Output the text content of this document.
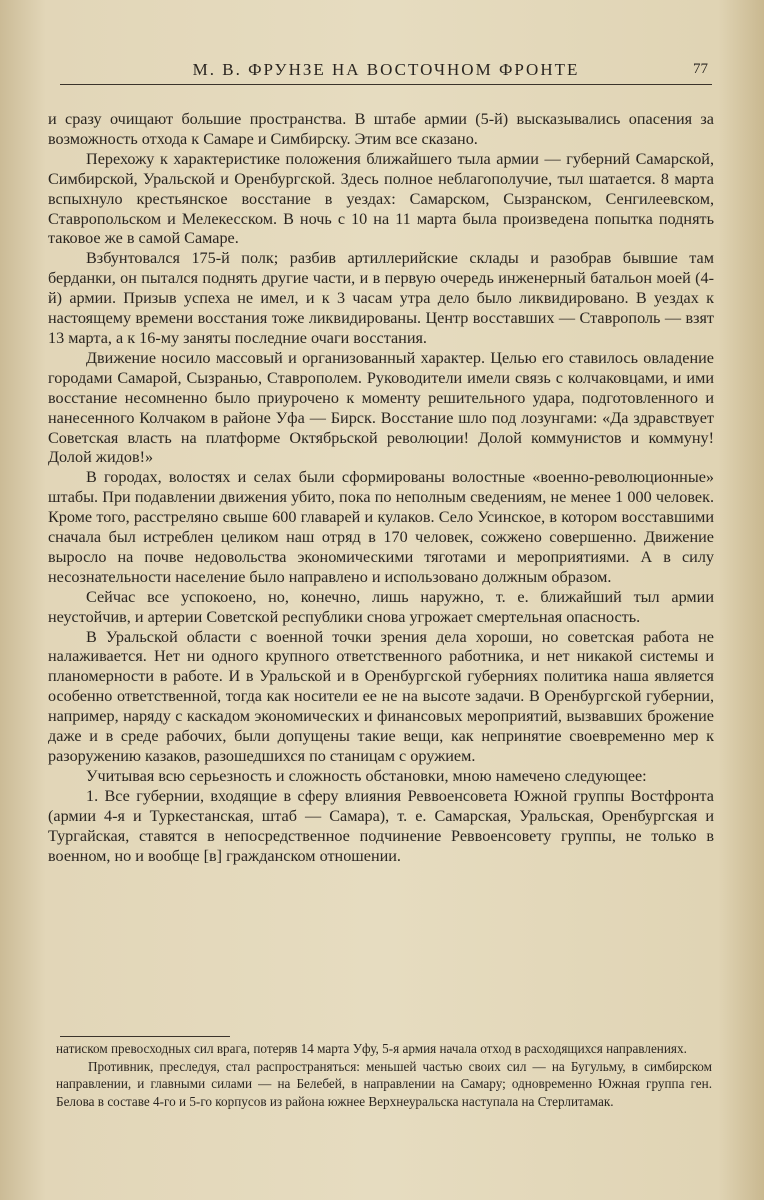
М. В. ФРУНЗЕ НА ВОСТОЧНОМ ФРОНТЕ	77

и сразу очищают большие пространства. В штабе армии (5-й) высказывались опасения за возможность отхода к Самаре и Симбирску. Этим все сказано.

Перехожу к характеристике положения ближайшего тыла армии — губерний Самарской, Симбирской, Уральской и Оренбургской. Здесь полное неблагополучие, тыл шатается. 8 марта вспыхнуло крестьянское восстание в уездах: Самарском, Сызранском, Сенгилеевском, Ставропольском и Мелекесском. В ночь с 10 на 11 марта была произведена попытка поднять таковое же в самой Самаре.

Взбунтовался 175-й полк; разбив артиллерийские склады и разобрав бывшие там берданки, он пытался поднять другие части, и в первую очередь инженерный батальон моей (4-й) армии. Призыв успеха не имел, и к 3 часам утра дело было ликвидировано. В уездах к настоящему времени восстания тоже ликвидированы. Центр восставших — Ставрополь — взят 13 марта, а к 16-му заняты последние очаги восстания.

Движение носило массовый и организованный характер. Целью его ставилось овладение городами Самарой, Сызранью, Ставрополем. Руководители имели связь с колчаковцами, и ими восстание несомненно было приурочено к моменту решительного удара, подготовленного и нанесенного Колчаком в районе Уфа — Бирск. Восстание шло под лозунгами: «Да здравствует Советская власть на платформе Октябрьской революции! Долой коммунистов и коммуну! Долой жидов!»

В городах, волостях и селах были сформированы волостные «военно-революционные» штабы. При подавлении движения убито, пока по неполным сведениям, не менее 1 000 человек. Кроме того, расстреляно свыше 600 главарей и кулаков. Село Усинское, в котором восставшими сначала был истреблен целиком наш отряд в 170 человек, сожжено совершенно. Движение выросло на почве недовольства экономическими тяготами и мероприятиями. А в силу несознательности население было направлено и использовано должным образом.

Сейчас все успокоено, но, конечно, лишь наружно, т. е. ближайший тыл армии неустойчив, и артерии Советской республики снова угрожает смертельная опасность.

В Уральской области с военной точки зрения дела хороши, но советская работа не налаживается. Нет ни одного крупного ответственного работника, и нет никакой системы и планомерности в работе. И в Уральской и в Оренбургской губерниях политика наша является особенно ответственной, тогда как носители ее не на высоте задачи. В Оренбургской губернии, например, наряду с каскадом экономических и финансовых мероприятий, вызвавших брожение даже и в среде рабочих, были допущены такие вещи, как непринятие своевременно мер к разоружению казаков, разошедшихся по станицам с оружием.

Учитывая всю серьезность и сложность обстановки, мною намечено следующее:

1. Все губернии, входящие в сферу влияния Реввоенсовета Южной группы Востфронта (армии 4-я и Туркестанская, штаб — Самара), т. е. Самарская, Уральская, Оренбургская и Тургайская, ставятся в непосредственное подчинение Реввоенсовету группы, не только в военном, но и вообще [в] гражданском отношении.

натиском превосходных сил врага, потеряв 14 марта Уфу, 5-я армия начала отход в расходящихся направлениях.

Противник, преследуя, стал распространяться: меньшей частью своих сил — на Бугульму, в симбирском направлении, и главными силами — на Белебей, в направлении на Самару; одновременно Южная группа ген. Белова в составе 4-го и 5-го корпусов из района южнее Верхнеуральска наступала на Стерлитамак.
